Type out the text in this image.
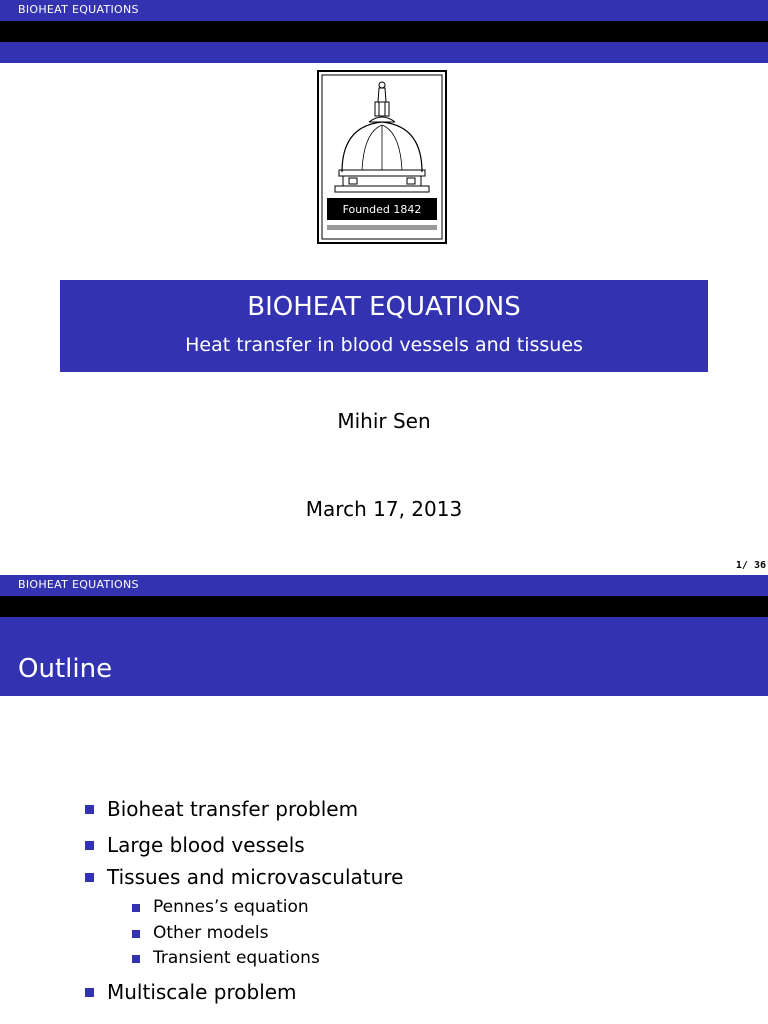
BIOHEAT EQUATIONS
Founded 1842
BIOHEAT EQUATIONS
Heat transfer in blood vessels and tissues
Mihir Sen
March 17, 2013
1/ 36
BIOHEAT EQUATIONS
Outline
Bioheat transfer problem
Large blood vessels
Tissues and microvasculature
Pennes’s equation
Other models
Transient equations
Multiscale problem
